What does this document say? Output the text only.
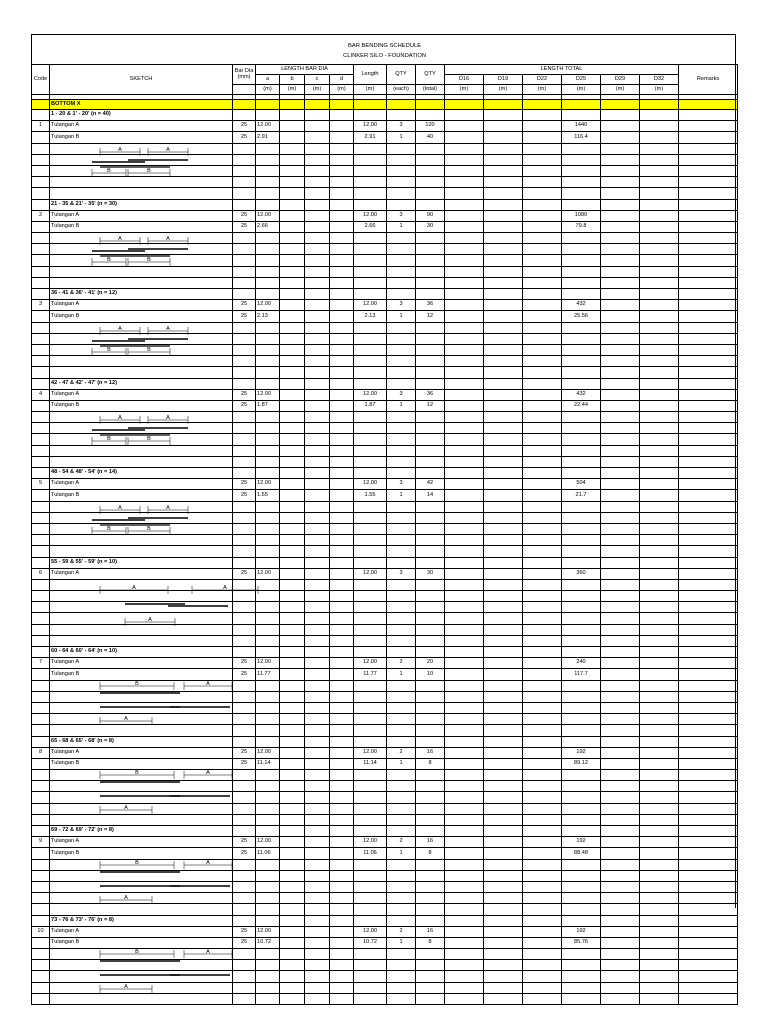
BAR BENDING SCHEDULE																
CLINKER SILO - FOUNDATION																
Code	SKETCH	Bar Dia
(mm)	LENGTH BAR DIA				Length	QTY	QTY	LENGTH TOTAL						Remarks
			a	b	c	d				D16	D19	D22	D25	D29	D32	
			(m)	(m)	(m)	(m)	(m)	(each)	(total)	(m)	(m)	(m)	(m)	(m)	(m)	

	BOTTOM X															
	1 - 20 & 1' - 20' (n = 40)															
1	Tulangan A	25	12.00				12.00	3	120				1440			
	Tulangan B	25	2.91				2.91	1	40				116.4			

A A
B B															

	21 - 35 & 21' - 35' (n = 30)															
2	Tulangan A	25	12.00				12.00	3	90				1080			
	Tulangan B	25	2.66				2.66	1	30				79.8			

A A
B B															

	36 - 41 & 36' - 41' (n = 12)															
3	Tulangan A	25	12.00				12.00	3	36				432			
	Tulangan B	25	2.13				2.13	1	12				25.56			

A A
B B															

	42 - 47 & 42' - 47' (n = 12)															
4	Tulangan A	25	12.00				12.00	3	36				432			
	Tulangan B	25	1.87				1.87	1	12				22.44			

A A
B B															

	48 - 54 & 48' - 54' (n = 14)															
5	Tulangan A	25	12.00				12.00	3	42				504			
	Tulangan B	25	1.55				1.55	1	14				21.7			

A A
B B															

	55 - 59 & 55' - 59' (n = 10)															
6	Tulangan A	25	12.00				12.00	3	30				360			

A A
A															

	60 - 64 & 60' - 64' (n = 10)															
7	Tulangan A	25	12.00				12.00	2	20				240			
	Tulangan B	25	11.77				11.77	1	10				117.7			

B A
A															

	65 - 68 & 65' - 68' (n = 8)															
8	Tulangan A	25	12.00				12.00	2	16				192			
	Tulangan B	25	11.14				11.14	1	8				89.12			

B A
A															

	69 - 72 & 69' - 72' (n = 8)															
9	Tulangan A	25	12.00				12.00	2	16				192			
	Tulangan B	25	11.06				11.06	1	8				88.48			

B A
A															

	73 - 76 & 73' - 76' (n = 8)															
10	Tulangan A	25	12.00				12.00	2	16				192			
	Tulangan B	25	10.72				10.72	1	8				85.76			

B A
A															
